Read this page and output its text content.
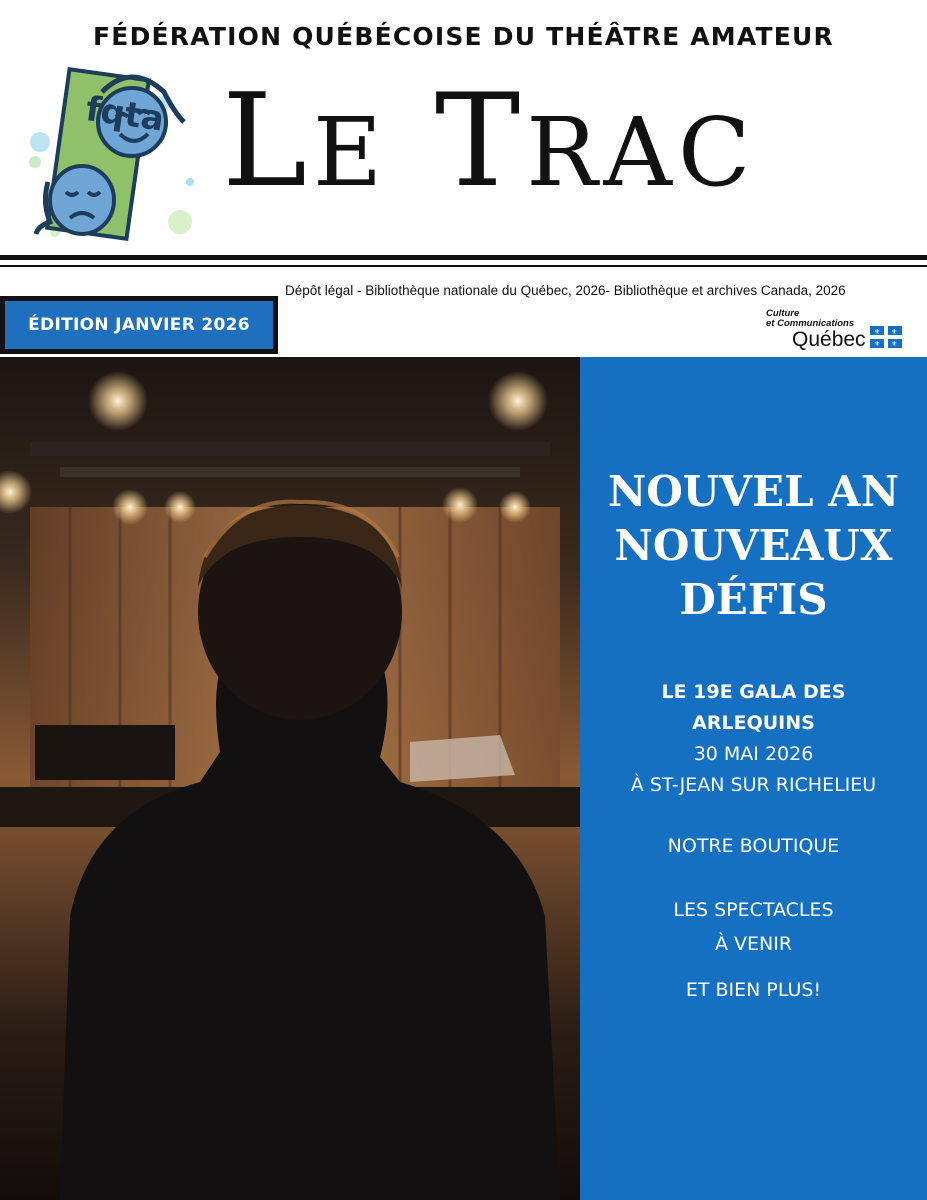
FÉDÉRATION QUÉBÉCOISE DU THÉÂTRE AMATEUR
fqta LE TRAC
Dépôt légal - Bibliothèque nationale du Québec, 2026- Bibliothèque et archives Canada, 2026
ÉDITION JANVIER 2026
Culture
et Communications
Québec ⚜ ⚜
⚜ ⚜
NOUVEL AN
NOUVEAUX
DÉFIS
LE 19E GALA DES
ARLEQUINS
30 MAI 2026
À ST-JEAN SUR RICHELIEU
NOTRE BOUTIQUE
LES SPECTACLES
À VENIR
ET BIEN PLUS!
